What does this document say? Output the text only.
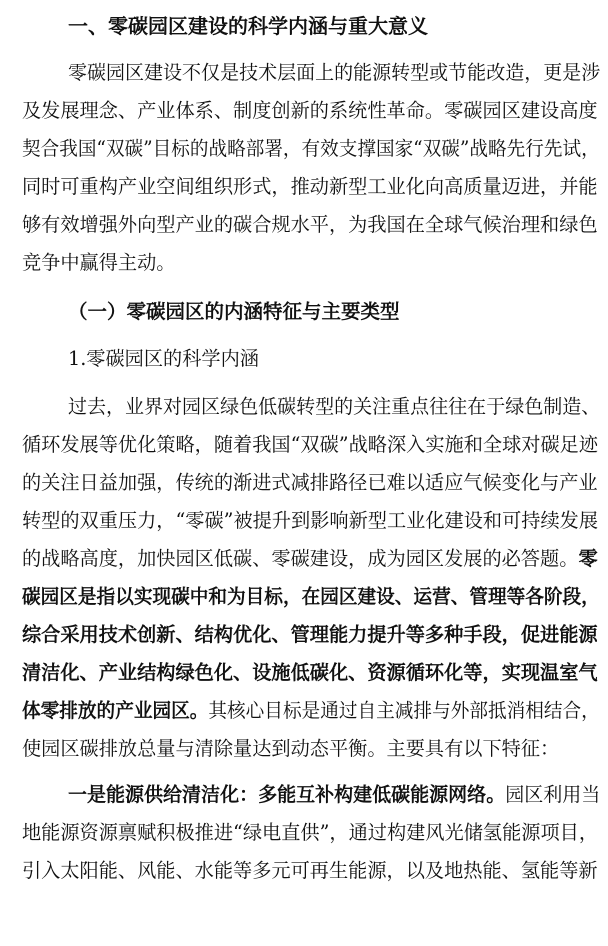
一、零碳园区建设的科学内涵与重大意义
零碳园区建设不仅是技术层面上的能源转型或节能改造，更是涉
及发展理念、产业体系、制度创新的系统性革命。零碳园区建设高度
契合我国“双碳”目标的战略部署，有效支撑国家“双碳”战略先行先试，
同时可重构产业空间组织形式，推动新型工业化向高质量迈进，并能
够有效增强外向型产业的碳合规水平，为我国在全球气候治理和绿色
竞争中赢得主动。
（一）零碳园区的内涵特征与主要类型
1.零碳园区的科学内涵
过去，业界对园区绿色低碳转型的关注重点往往在于绿色制造、
循环发展等优化策略，随着我国“双碳”战略深入实施和全球对碳足迹
的关注日益加强，传统的渐进式减排路径已难以适应气候变化与产业
转型的双重压力，“零碳”被提升到影响新型工业化建设和可持续发展
的战略高度，加快园区低碳、零碳建设，成为园区发展的必答题。零
碳园区是指以实现碳中和为目标，在园区建设、运营、管理等各阶段，
综合采用技术创新、结构优化、管理能力提升等多种手段，促进能源
清洁化、产业结构绿色化、设施低碳化、资源循环化等，实现温室气
体零排放的产业园区。其核心目标是通过自主减排与外部抵消相结合，
使园区碳排放总量与清除量达到动态平衡。主要具有以下特征：
一是能源供给清洁化：多能互补构建低碳能源网络。园区利用当
地能源资源禀赋积极推进“绿电直供”，通过构建风光储氢能源项目，
引入太阳能、风能、水能等多元可再生能源，以及地热能、氢能等新
